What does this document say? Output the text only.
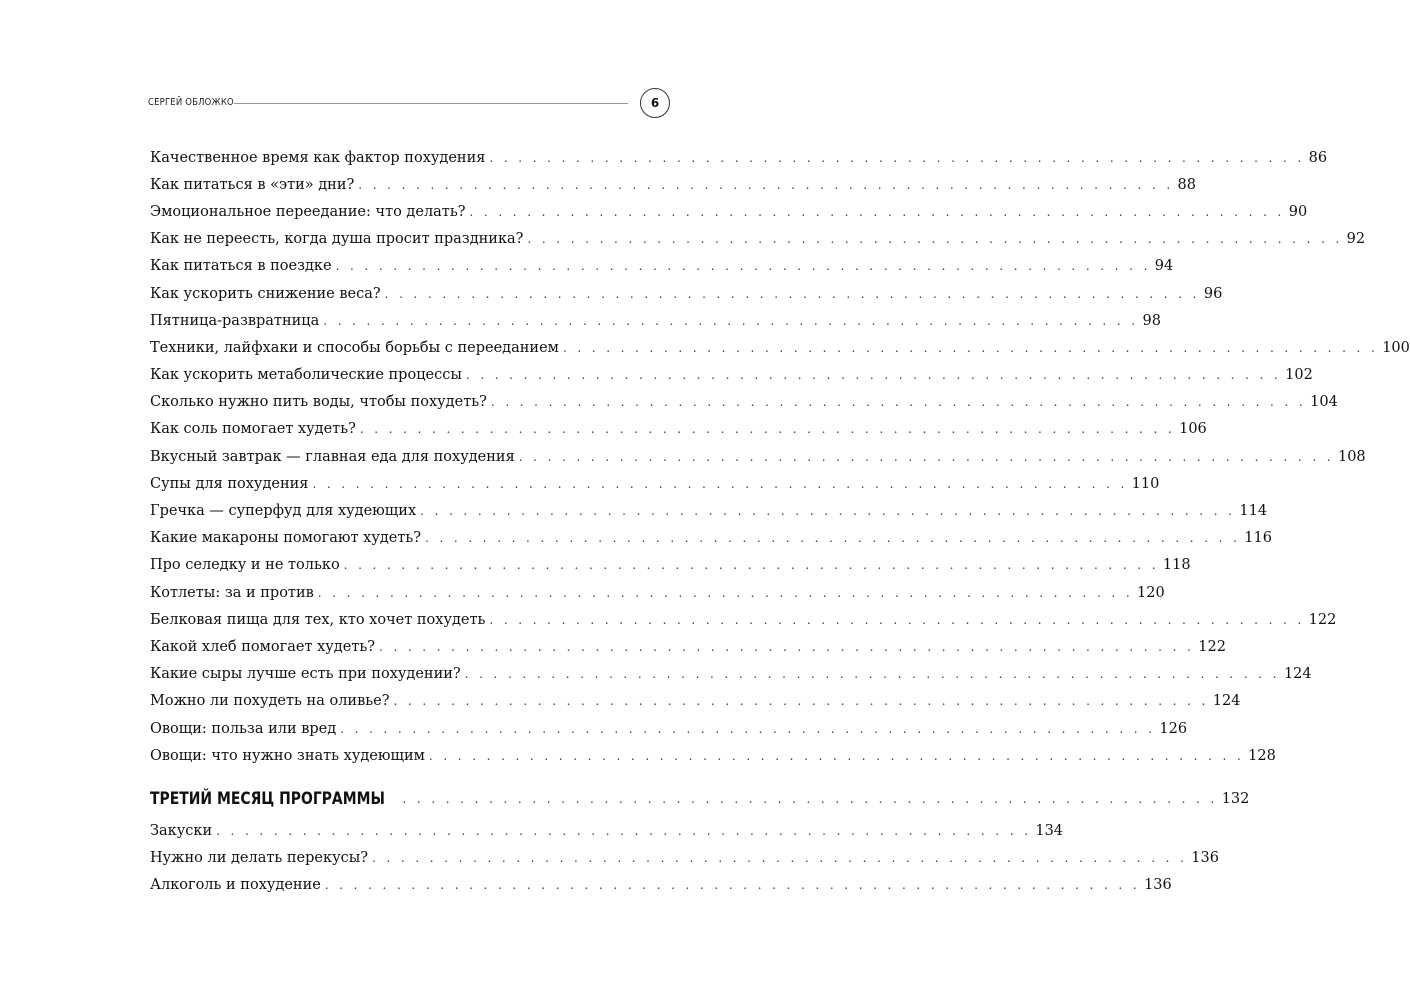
СЕРГЕЙ ОБЛОЖКО	6
Качественное время как фактор похудения . . . . . . . . . . . . . . . . . . . . . . . . . . . . . . . . . . . . . . . . . . . . . . . . . . . . . . . . . 86
Как питаться в «эти» дни? . . . . . . . . . . . . . . . . . . . . . . . . . . . . . . . . . . . . . . . . . . . . . . . . . . . . . . . . . 88
Эмоциональное переедание: что делать? . . . . . . . . . . . . . . . . . . . . . . . . . . . . . . . . . . . . . . . . . . . . . . . . . . . . . . . . . 90
Как не переесть, когда душа просит праздника? . . . . . . . . . . . . . . . . . . . . . . . . . . . . . . . . . . . . . . . . . . . . . . . . . . . . . . . . . 92
Как питаться в поездке . . . . . . . . . . . . . . . . . . . . . . . . . . . . . . . . . . . . . . . . . . . . . . . . . . . . . . . . . 94
Как ускорить снижение веса? . . . . . . . . . . . . . . . . . . . . . . . . . . . . . . . . . . . . . . . . . . . . . . . . . . . . . . . . . 96
Пятница-развратница . . . . . . . . . . . . . . . . . . . . . . . . . . . . . . . . . . . . . . . . . . . . . . . . . . . . . . . . . 98
Техники, лайфхаки и способы борьбы с перееданием . . . . . . . . . . . . . . . . . . . . . . . . . . . . . . . . . . . . . . . . . . . . . . . . . . . . . . . . . 100
Как ускорить метаболические процессы . . . . . . . . . . . . . . . . . . . . . . . . . . . . . . . . . . . . . . . . . . . . . . . . . . . . . . . . . 102
Сколько нужно пить воды, чтобы похудеть? . . . . . . . . . . . . . . . . . . . . . . . . . . . . . . . . . . . . . . . . . . . . . . . . . . . . . . . . . 104
Как соль помогает худеть? . . . . . . . . . . . . . . . . . . . . . . . . . . . . . . . . . . . . . . . . . . . . . . . . . . . . . . . . . 106
Вкусный завтрак — главная еда для похудения . . . . . . . . . . . . . . . . . . . . . . . . . . . . . . . . . . . . . . . . . . . . . . . . . . . . . . . . . 108
Супы для похудения . . . . . . . . . . . . . . . . . . . . . . . . . . . . . . . . . . . . . . . . . . . . . . . . . . . . . . . . . 110
Гречка — суперфуд для худеющих . . . . . . . . . . . . . . . . . . . . . . . . . . . . . . . . . . . . . . . . . . . . . . . . . . . . . . . . . 114
Какие макароны помогают худеть? . . . . . . . . . . . . . . . . . . . . . . . . . . . . . . . . . . . . . . . . . . . . . . . . . . . . . . . . . 116
Про селедку и не только . . . . . . . . . . . . . . . . . . . . . . . . . . . . . . . . . . . . . . . . . . . . . . . . . . . . . . . . . 118
Котлеты: за и против . . . . . . . . . . . . . . . . . . . . . . . . . . . . . . . . . . . . . . . . . . . . . . . . . . . . . . . . . 120
Белковая пища для тех, кто хочет похудеть . . . . . . . . . . . . . . . . . . . . . . . . . . . . . . . . . . . . . . . . . . . . . . . . . . . . . . . . . 122
Какой хлеб помогает худеть? . . . . . . . . . . . . . . . . . . . . . . . . . . . . . . . . . . . . . . . . . . . . . . . . . . . . . . . . . 122
Какие сыры лучше есть при похудении? . . . . . . . . . . . . . . . . . . . . . . . . . . . . . . . . . . . . . . . . . . . . . . . . . . . . . . . . . 124
Можно ли похудеть на оливье? . . . . . . . . . . . . . . . . . . . . . . . . . . . . . . . . . . . . . . . . . . . . . . . . . . . . . . . . . 124
Овощи: польза или вред . . . . . . . . . . . . . . . . . . . . . . . . . . . . . . . . . . . . . . . . . . . . . . . . . . . . . . . . . 126
Овощи: что нужно знать худеющим . . . . . . . . . . . . . . . . . . . . . . . . . . . . . . . . . . . . . . . . . . . . . . . . . . . . . . . . . 128
ТРЕТИЙ МЕСЯЦ ПРОГРАММЫ . . . . . . . . . . . . . . . . . . . . . . . . . . . . . . . . . . . . . . . . . . . . . . . . . . . . . . . . . 132
Закуски . . . . . . . . . . . . . . . . . . . . . . . . . . . . . . . . . . . . . . . . . . . . . . . . . . . . . . . . . 134
Нужно ли делать перекусы? . . . . . . . . . . . . . . . . . . . . . . . . . . . . . . . . . . . . . . . . . . . . . . . . . . . . . . . . . 136
Алкоголь и похудение . . . . . . . . . . . . . . . . . . . . . . . . . . . . . . . . . . . . . . . . . . . . . . . . . . . . . . . . . 136
